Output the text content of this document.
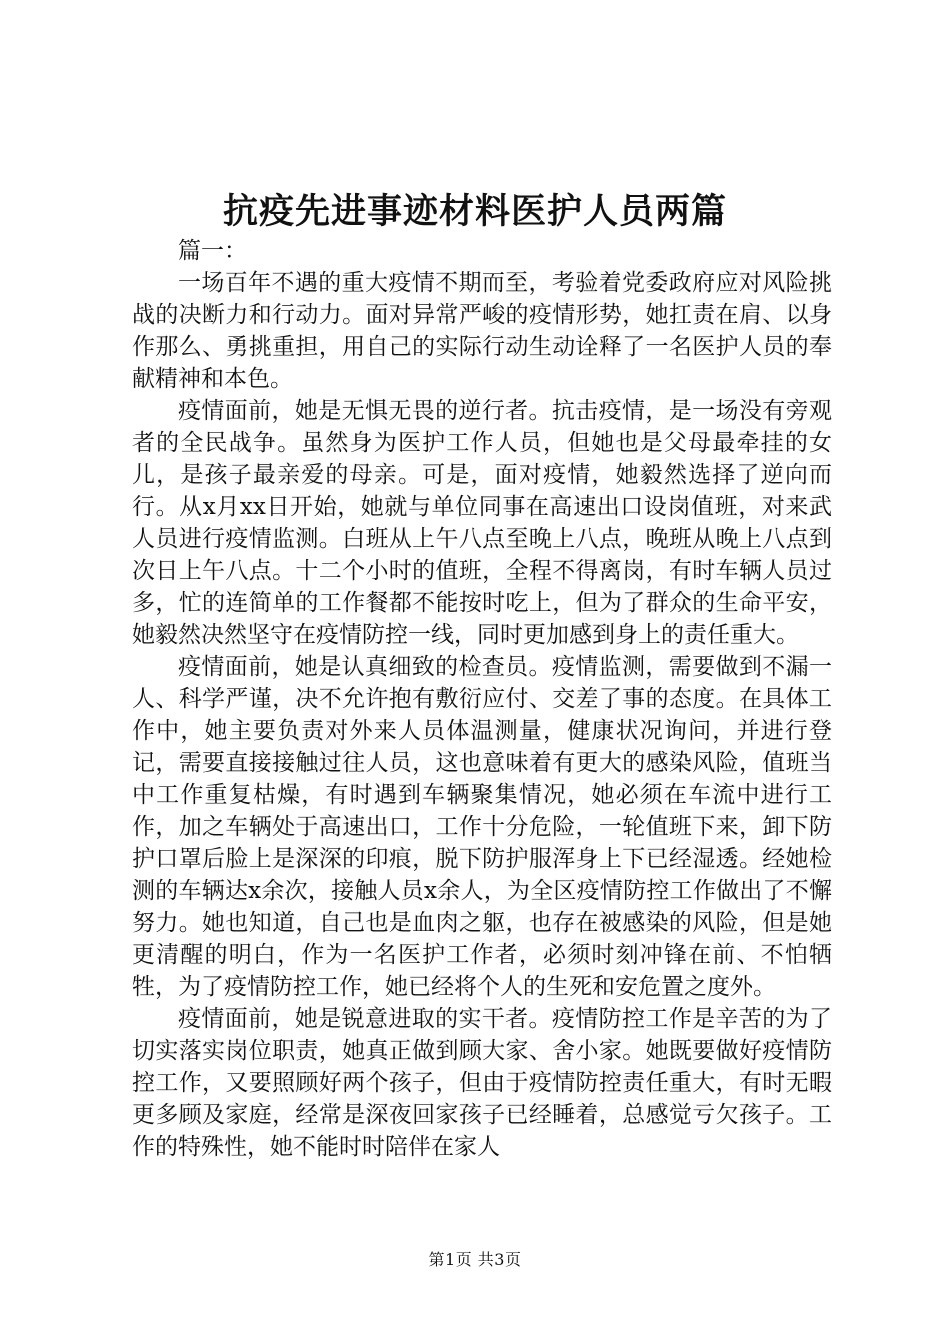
抗疫先进事迹材料医护人员两篇

篇一：

一场百年不遇的重大疫情不期而至，考验着党委政府应对风险挑战的决断力和行动力。面对异常严峻的疫情形势，她扛责在肩、以身作那么、勇挑重担，用自己的实际行动生动诠释了一名医护人员的奉献精神和本色。

疫情面前，她是无惧无畏的逆行者。抗击疫情，是一场没有旁观者的全民战争。虽然身为医护工作人员，但她也是父母最牵挂的女儿，是孩子最亲爱的母亲。可是，面对疫情，她毅然选择了逆向而行。从x月xx日开始，她就与单位同事在高速出口设岗值班，对来武人员进行疫情监测。白班从上午八点至晚上八点，晚班从晚上八点到次日上午八点。十二个小时的值班，全程不得离岗，有时车辆人员过多，忙的连简单的工作餐都不能按时吃上，但为了群众的生命平安，她毅然决然坚守在疫情防控一线，同时更加感到身上的责任重大。

疫情面前，她是认真细致的检查员。疫情监测，需要做到不漏一人、科学严谨，决不允许抱有敷衍应付、交差了事的态度。在具体工作中，她主要负责对外来人员体温测量，健康状况询问，并进行登记，需要直接接触过往人员，这也意味着有更大的感染风险，值班当中工作重复枯燥，有时遇到车辆聚集情况，她必须在车流中进行工作，加之车辆处于高速出口，工作十分危险，一轮值班下来，卸下防护口罩后脸上是深深的印痕，脱下防护服浑身上下已经湿透。经她检测的车辆达x余次，接触人员x余人，为全区疫情防控工作做出了不懈努力。她也知道，自己也是血肉之躯，也存在被感染的风险，但是她更清醒的明白，作为一名医护工作者，必须时刻冲锋在前、不怕牺牲，为了疫情防控工作，她已经将个人的生死和安危置之度外。

疫情面前，她是锐意进取的实干者。疫情防控工作是辛苦的为了切实落实岗位职责，她真正做到顾大家、舍小家。她既要做好疫情防控工作，又要照顾好两个孩子，但由于疫情防控责任重大，有时无暇更多顾及家庭，经常是深夜回家孩子已经睡着，总感觉亏欠孩子。工作的特殊性，她不能时时陪伴在家人

第1页 共3页
